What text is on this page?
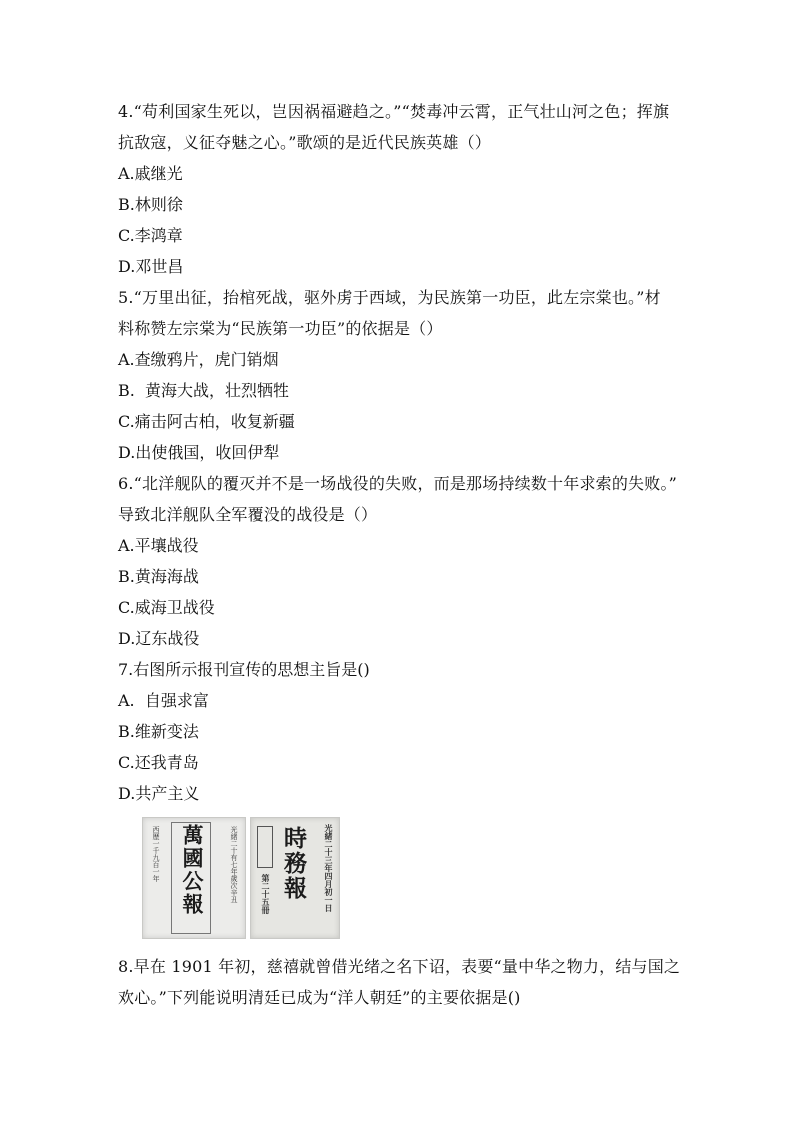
4.“苟利国家生死以，岂因祸福避趋之。”“焚毒冲云霄，正气壮山河之色；挥旗
抗敌寇，义征夺魅之心。”歌颂的是近代民族英雄（）
A.戚继光
B.林则徐
C.李鸿章
D.邓世昌
5.“万里出征，抬棺死战，驱外虏于西域，为民族第一功臣，此左宗棠也。”材
料称赞左宗棠为“民族第一功臣”的依据是（）
A.查缴鸦片，虎门销烟
B.  黄海大战，壮烈牺牲
C.痛击阿古柏，收复新疆
D.出使俄国，收回伊犁
6.“北洋舰队的覆灭并不是一场战役的失败，而是那场持续数十年求索的失败。”
导致北洋舰队全军覆没的战役是（）
A.平壤战役
B.黄海海战
C.威海卫战役
D.辽东战役
7.右图所示报刊宣传的思想主旨是()
A.  自强求富
B.维新变法
C.还我青岛
D.共产主义
光緒二十有七年歲次辛丑
萬國公報
西歷一千九百一年	光緒二十三年四月初一日
時務報
第二十五冊
8.早在 1901 年初，慈禧就曾借光绪之名下诏，表要“量中华之物力，结与国之
欢心。”下列能说明清廷已成为“洋人朝廷”的主要依据是()
